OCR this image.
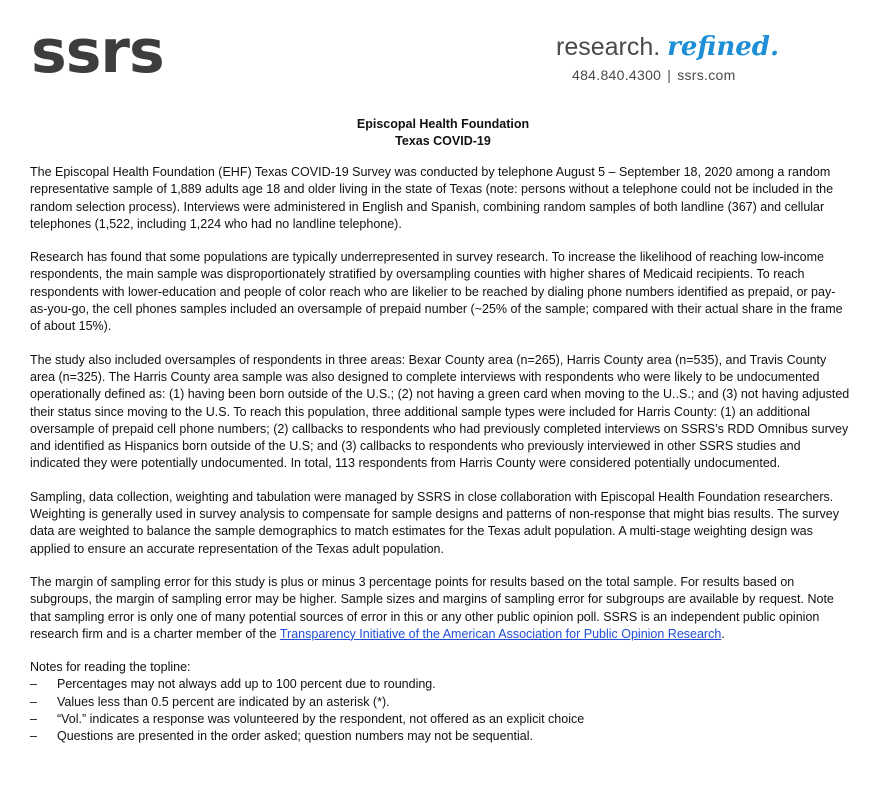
ssrs	research. refined.
484.840.4300 | ssrs.com
Episcopal Health Foundation
Texas COVID-19

The Episcopal Health Foundation (EHF) Texas COVID-19 Survey was conducted by telephone August 5 – September 18, 2020 among a random representative sample of 1,889 adults age 18 and older living in the state of Texas (note: persons without a telephone could not be included in the random selection process). Interviews were administered in English and Spanish, combining random samples of both landline (367) and cellular telephones (1,522, including 1,224 who had no landline telephone).

Research has found that some populations are typically underrepresented in survey research. To increase the likelihood of reaching low-income respondents, the main sample was disproportionately stratified by oversampling counties with higher shares of Medicaid recipients. To reach respondents with lower-education and people of color reach who are likelier to be reached by dialing phone numbers identified as prepaid, or pay-as-you-go, the cell phones samples included an oversample of prepaid number (~25% of the sample; compared with their actual share in the frame of about 15%).

The study also included oversamples of respondents in three areas: Bexar County area (n=265), Harris County area (n=535), and Travis County area (n=325). The Harris County area sample was also designed to complete interviews with respondents who were likely to be undocumented operationally defined as: (1) having been born outside of the U.S.; (2) not having a green card when moving to the U..S.; and (3) not having adjusted their status since moving to the U.S. To reach this population, three additional sample types were included for Harris County: (1) an additional oversample of prepaid cell phone numbers; (2) callbacks to respondents who had previously completed interviews on SSRS’s RDD Omnibus survey and identified as Hispanics born outside of the U.S; and (3) callbacks to respondents who previously interviewed in other SSRS studies and indicated they were potentially undocumented. In total, 113 respondents from Harris County were considered potentially undocumented.

Sampling, data collection, weighting and tabulation were managed by SSRS in close collaboration with Episcopal Health Foundation researchers. Weighting is generally used in survey analysis to compensate for sample designs and patterns of non-response that might bias results. The survey data are weighted to balance the sample demographics to match estimates for the Texas adult population. A multi-stage weighting design was applied to ensure an accurate representation of the Texas adult population.

The margin of sampling error for this study is plus or minus 3 percentage points for results based on the total sample. For results based on subgroups, the margin of sampling error may be higher. Sample sizes and margins of sampling error for subgroups are available by request. Note that sampling error is only one of many potential sources of error in this or any other public opinion poll. SSRS is an independent public opinion research firm and is a charter member of the Transparency Initiative of the American Association for Public Opinion Research.

Notes for reading the topline:
– Percentages may not always add up to 100 percent due to rounding.
– Values less than 0.5 percent are indicated by an asterisk (*).
– “Vol.” indicates a response was volunteered by the respondent, not offered as an explicit choice
– Questions are presented in the order asked; question numbers may not be sequential.
